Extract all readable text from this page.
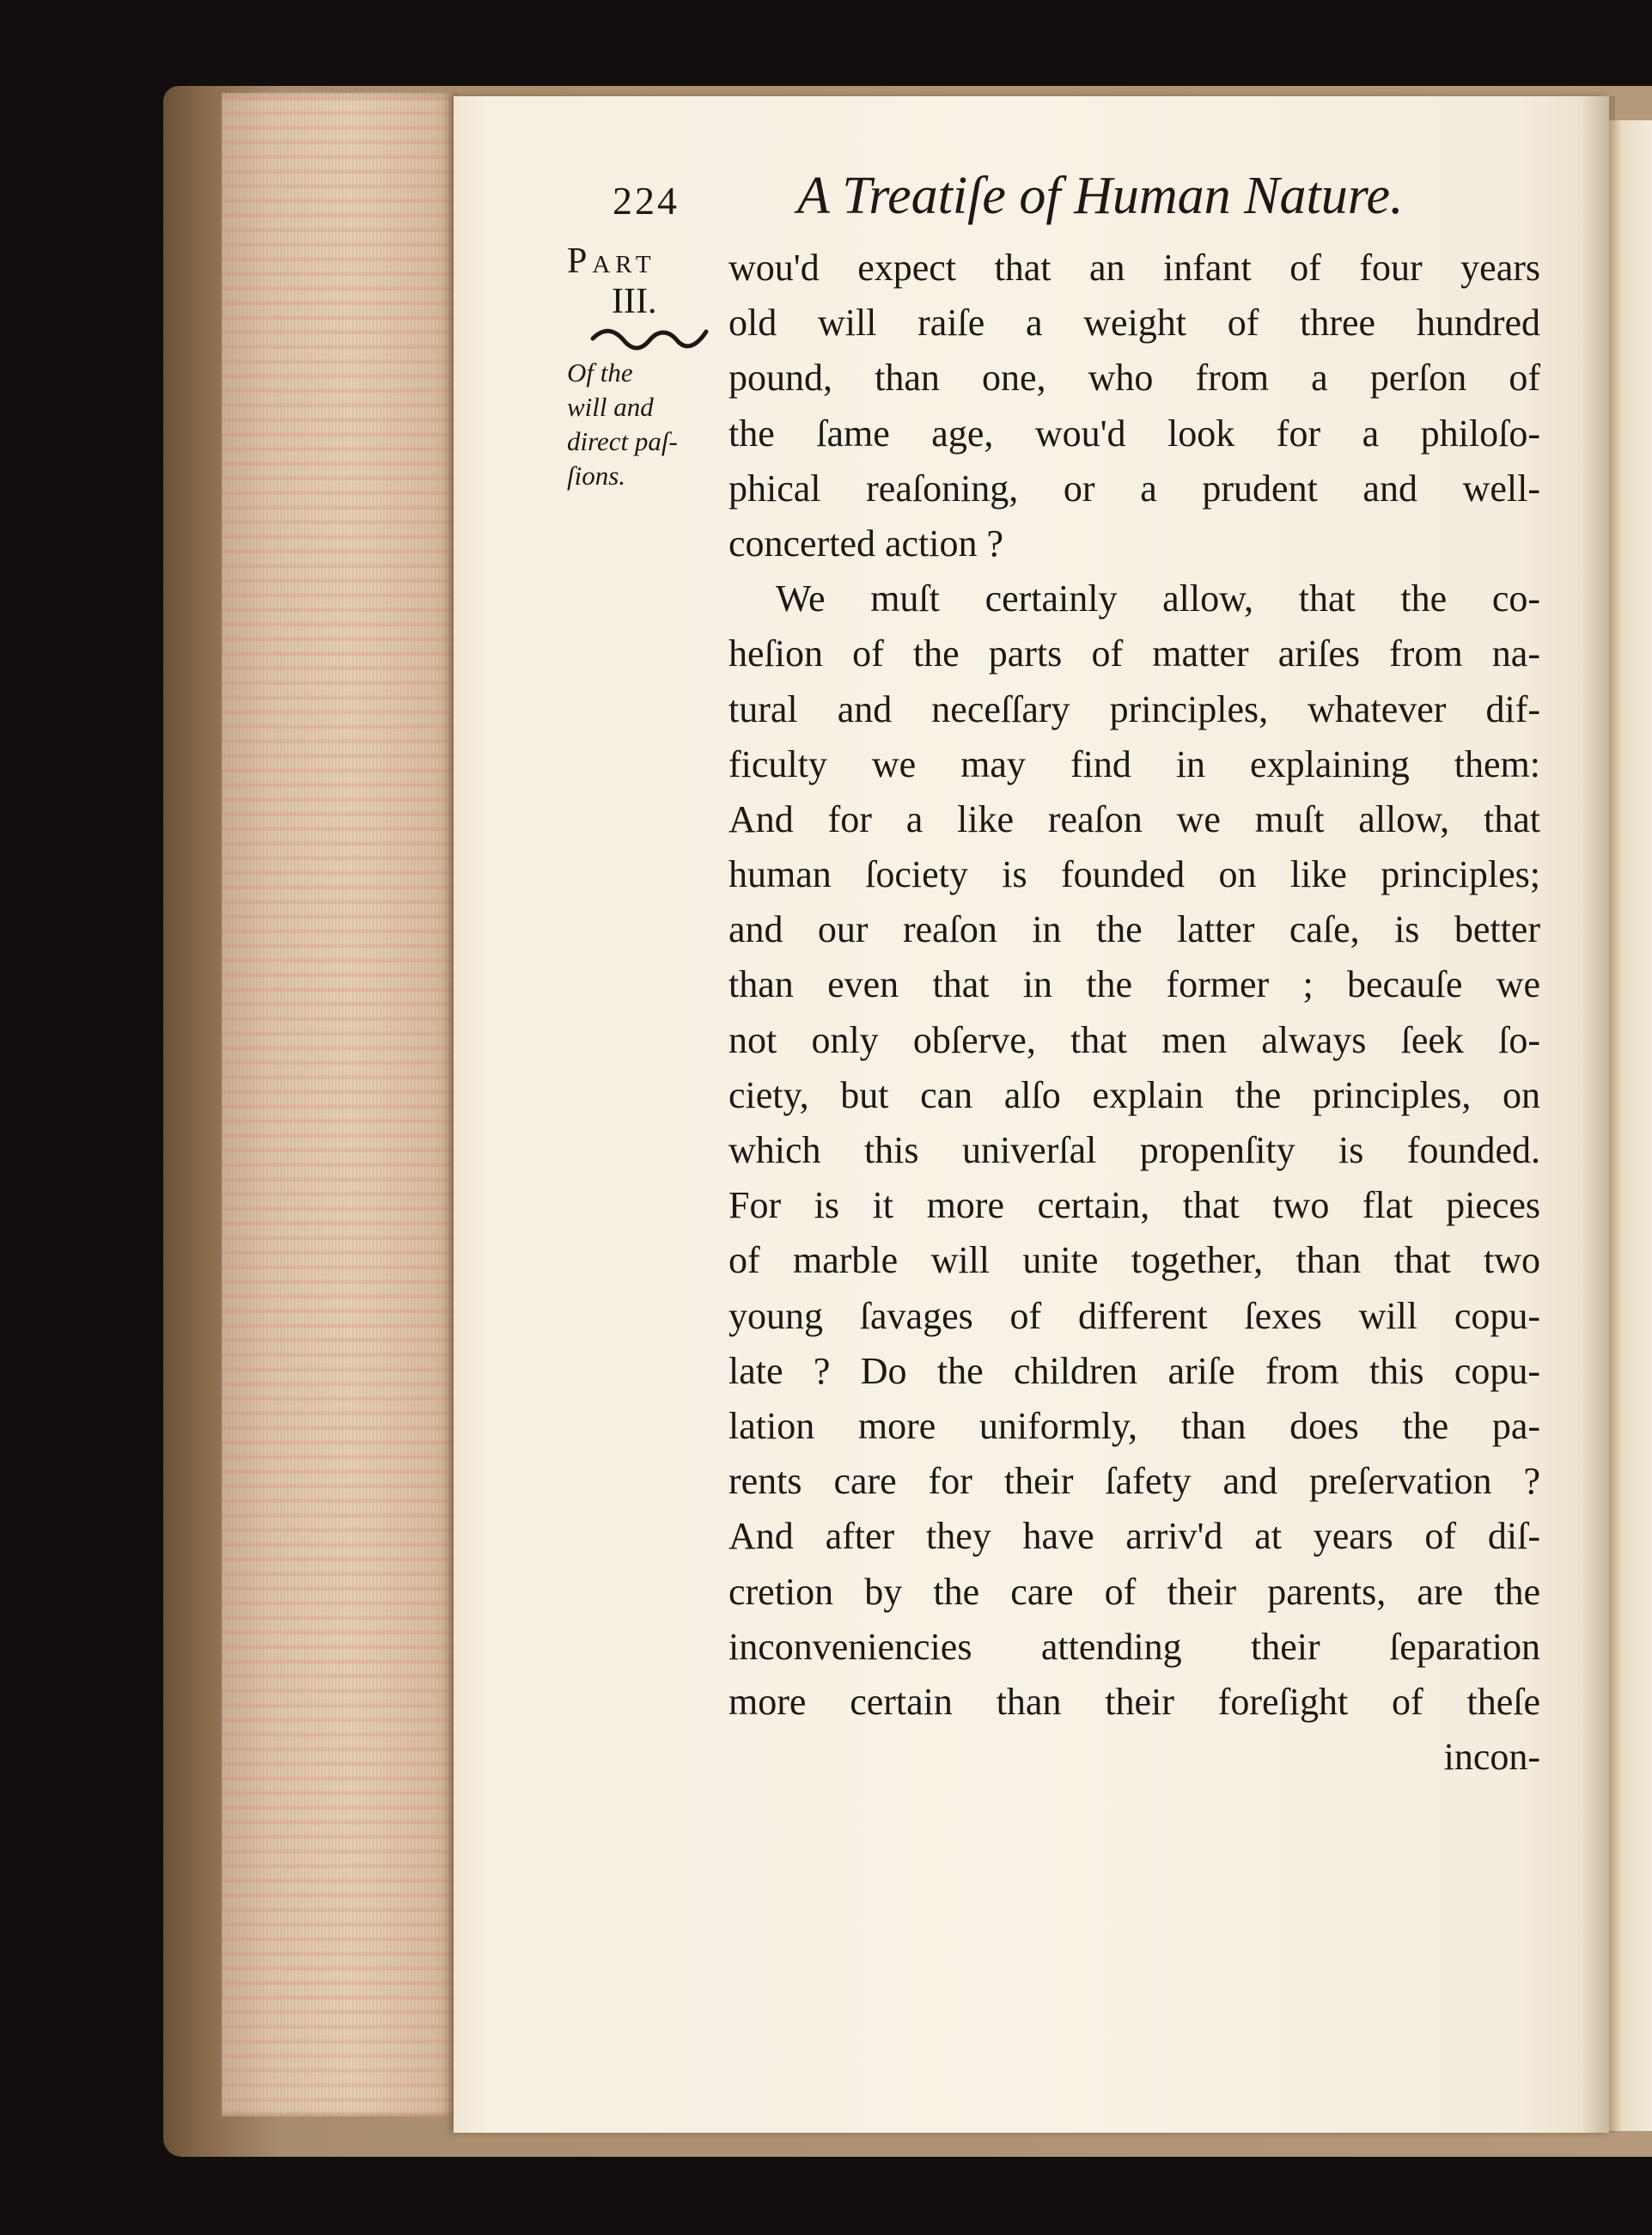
224 A Treatiſe of Human Nature.
Part
III.
Of the
will and
direct paſ-
ſions.
wou'd expect that an infant of four years
old will raiſe a weight of three hundred
pound, than one, who from a perſon of
the ſame age, wou'd look for a philoſo-
phical reaſoning, or a prudent and well-
concerted action ?
We muſt certainly allow, that the co-
heſion of the parts of matter ariſes from na-
tural and neceſſary principles, whatever dif-
ficulty we may find in explaining them:
And for a like reaſon we muſt allow, that
human ſociety is founded on like principles;
and our reaſon in the latter caſe, is better
than even that in the former ; becauſe we
not only obſerve, that men always ſeek ſo-
ciety, but can alſo explain the principles, on
which this univerſal propenſity is founded.
For is it more certain, that two flat pieces
of marble will unite together, than that two
young ſavages of different ſexes will copu-
late ? Do the children ariſe from this copu-
lation more uniformly, than does the pa-
rents care for their ſafety and preſervation ?
And after they have arriv'd at years of diſ-
cretion by the care of their parents, are the
inconveniencies attending their ſeparation
more certain than their foreſight of theſe
incon-
